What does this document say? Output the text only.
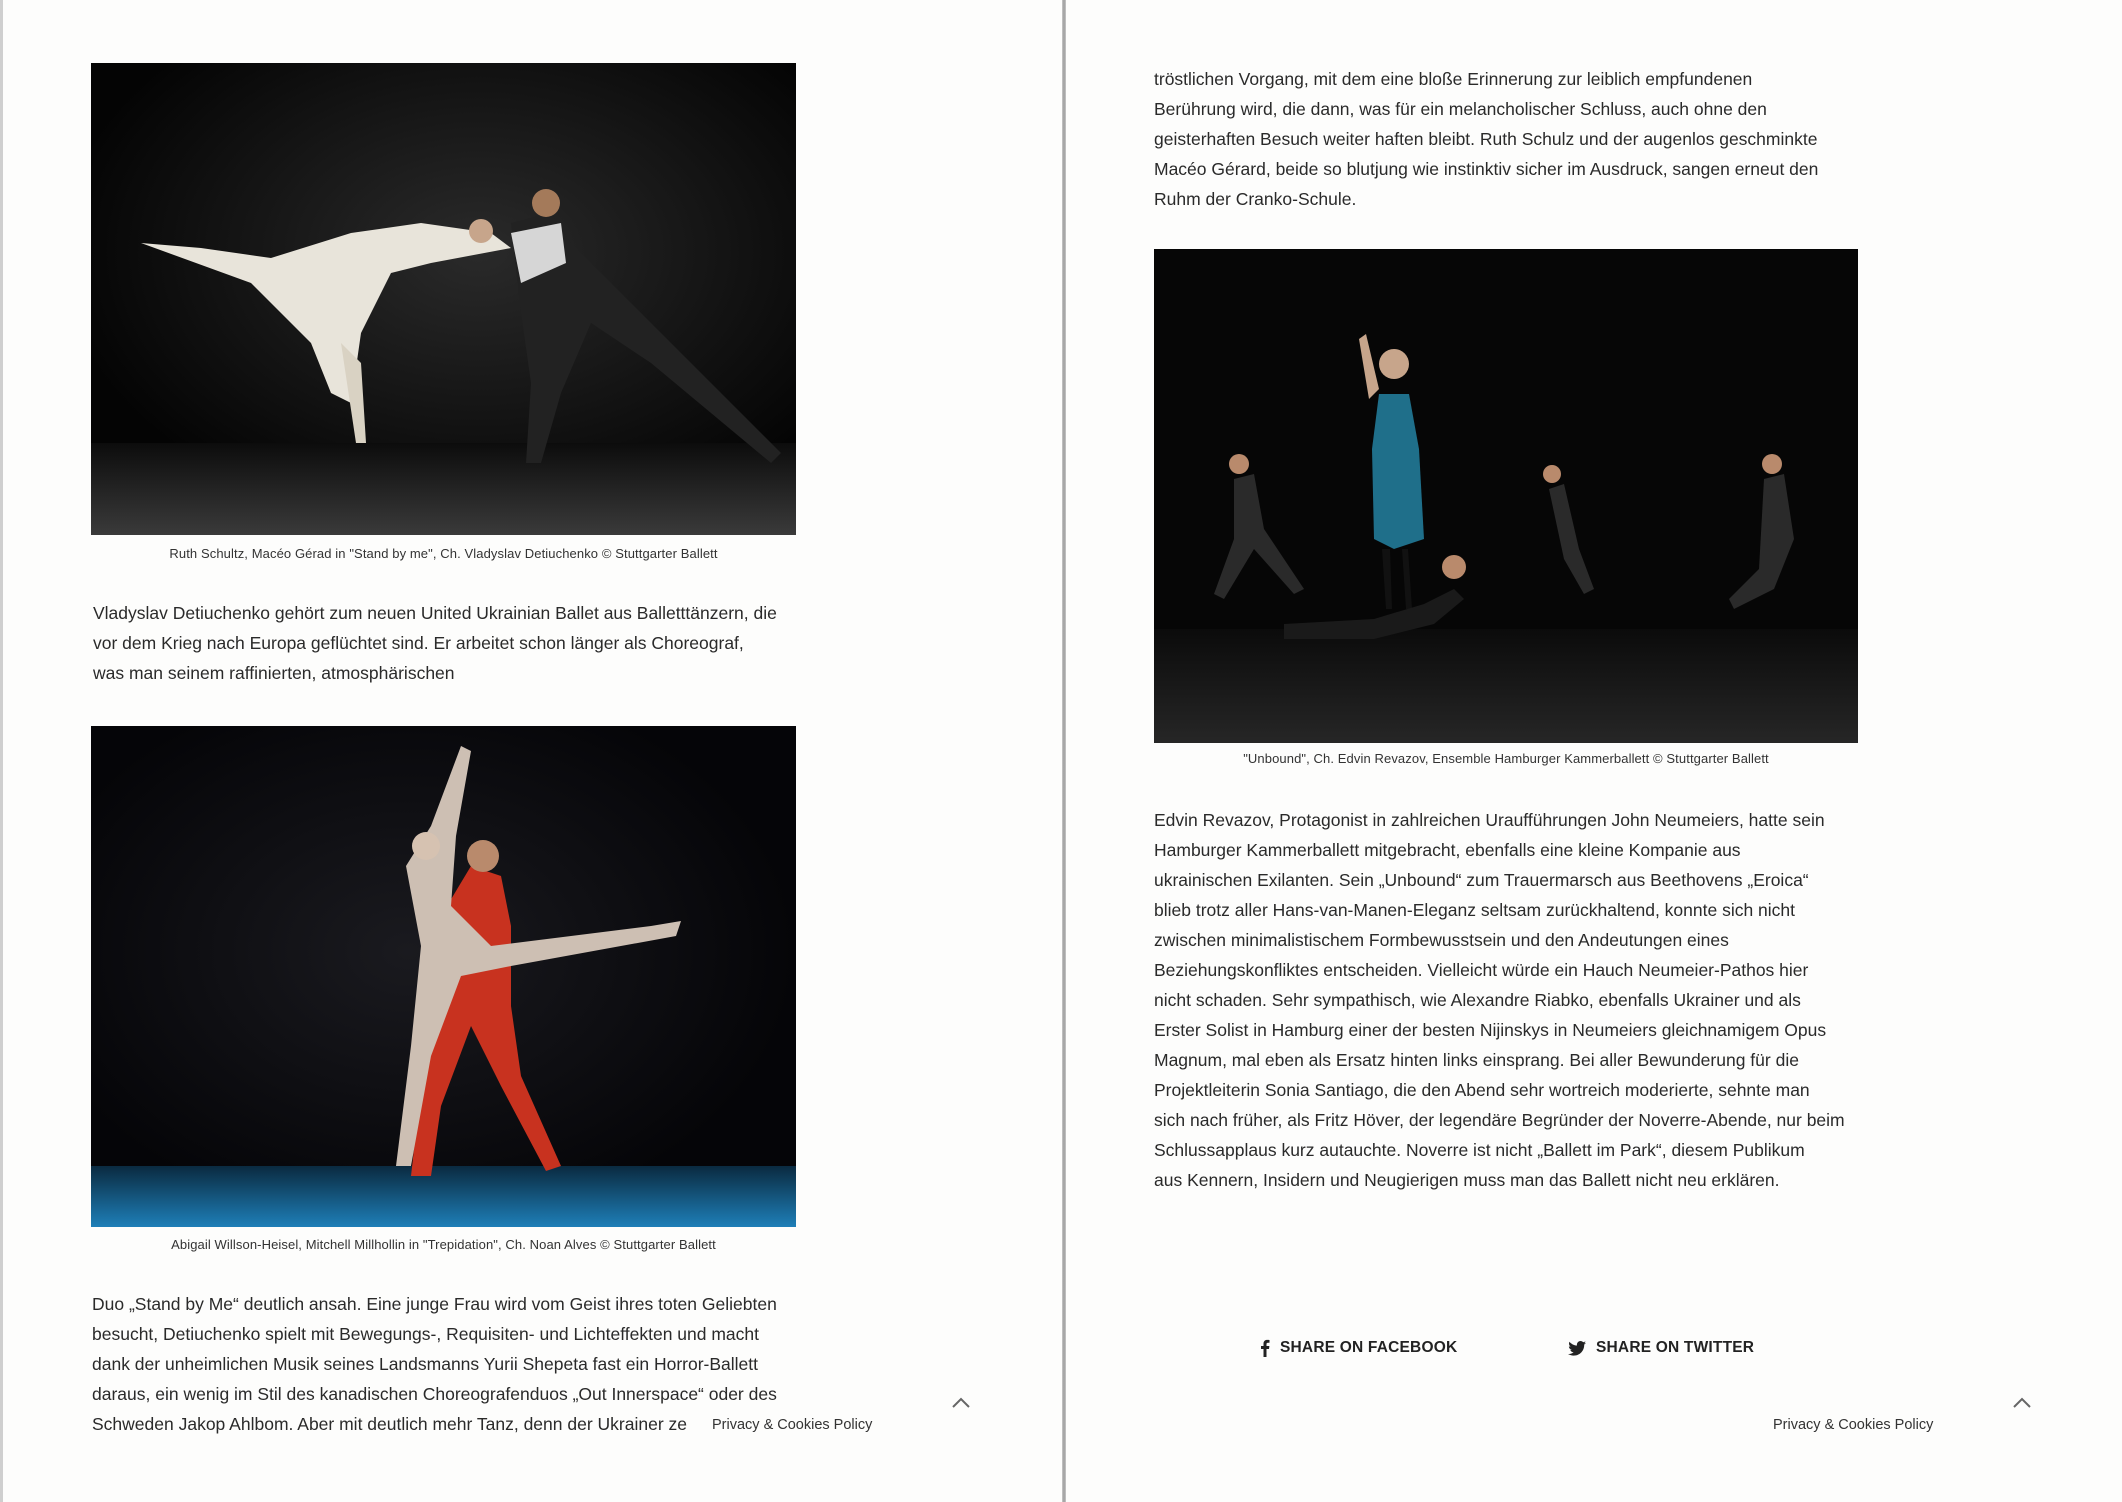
Ruth Schultz, Macéo Gérad in "Stand by me", Ch. Vladyslav Detiuchenko © Stuttgarter Ballett

Vladyslav Detiuchenko gehört zum neuen United Ukrainian Ballet aus Balletttänzern, die
vor dem Krieg nach Europa geflüchtet sind. Er arbeitet schon länger als Choreograf,
was man seinem raffinierten, atmosphärischen

Abigail Willson-Heisel, Mitchell Millhollin in "Trepidation", Ch. Noan Alves © Stuttgarter Ballett

Duo „Stand by Me“ deutlich ansah. Eine junge Frau wird vom Geist ihres toten Geliebten
besucht, Detiuchenko spielt mit Bewegungs-, Requisiten- und Lichteffekten und macht
dank der unheimlichen Musik seines Landsmanns Yurii Shepeta fast ein Horror-Ballett
daraus, ein wenig im Stil des kanadischen Choreografenduos „Out Innerspace“ oder des
Schweden Jakop Ahlbom. Aber mit deutlich mehr Tanz, denn der Ukrainer ze	Privacy & Cookies Policy

tröstlichen Vorgang, mit dem eine bloße Erinnerung zur leiblich empfundenen
Berührung wird, die dann, was für ein melancholischer Schluss, auch ohne den
geisterhaften Besuch weiter haften bleibt. Ruth Schulz und der augenlos geschminkte
Macéo Gérard, beide so blutjung wie instinktiv sicher im Ausdruck, sangen erneut den
Ruhm der Cranko-Schule.

"Unbound", Ch. Edvin Revazov, Ensemble Hamburger Kammerballett © Stuttgarter Ballett

Edvin Revazov, Protagonist in zahlreichen Uraufführungen John Neumeiers, hatte sein
Hamburger Kammerballett mitgebracht, ebenfalls eine kleine Kompanie aus
ukrainischen Exilanten. Sein „Unbound“ zum Trauermarsch aus Beethovens „Eroica“
blieb trotz aller Hans-van-Manen-Eleganz seltsam zurückhaltend, konnte sich nicht
zwischen minimalistischem Formbewusstsein und den Andeutungen eines
Beziehungskonfliktes entscheiden. Vielleicht würde ein Hauch Neumeier-Pathos hier
nicht schaden. Sehr sympathisch, wie Alexandre Riabko, ebenfalls Ukrainer und als
Erster Solist in Hamburg einer der besten Nijinskys in Neumeiers gleichnamigem Opus
Magnum, mal eben als Ersatz hinten links einsprang. Bei aller Bewunderung für die
Projektleiterin Sonia Santiago, die den Abend sehr wortreich moderierte, sehnte man
sich nach früher, als Fritz Höver, der legendäre Begründer der Noverre-Abende, nur beim
Schlussapplaus kurz autauchte. Noverre ist nicht „Ballett im Park“, diesem Publikum
aus Kennern, Insidern und Neugierigen muss man das Ballett nicht neu erklären.

SHARE ON FACEBOOK	SHARE ON TWITTER
Privacy & Cookies Policy
